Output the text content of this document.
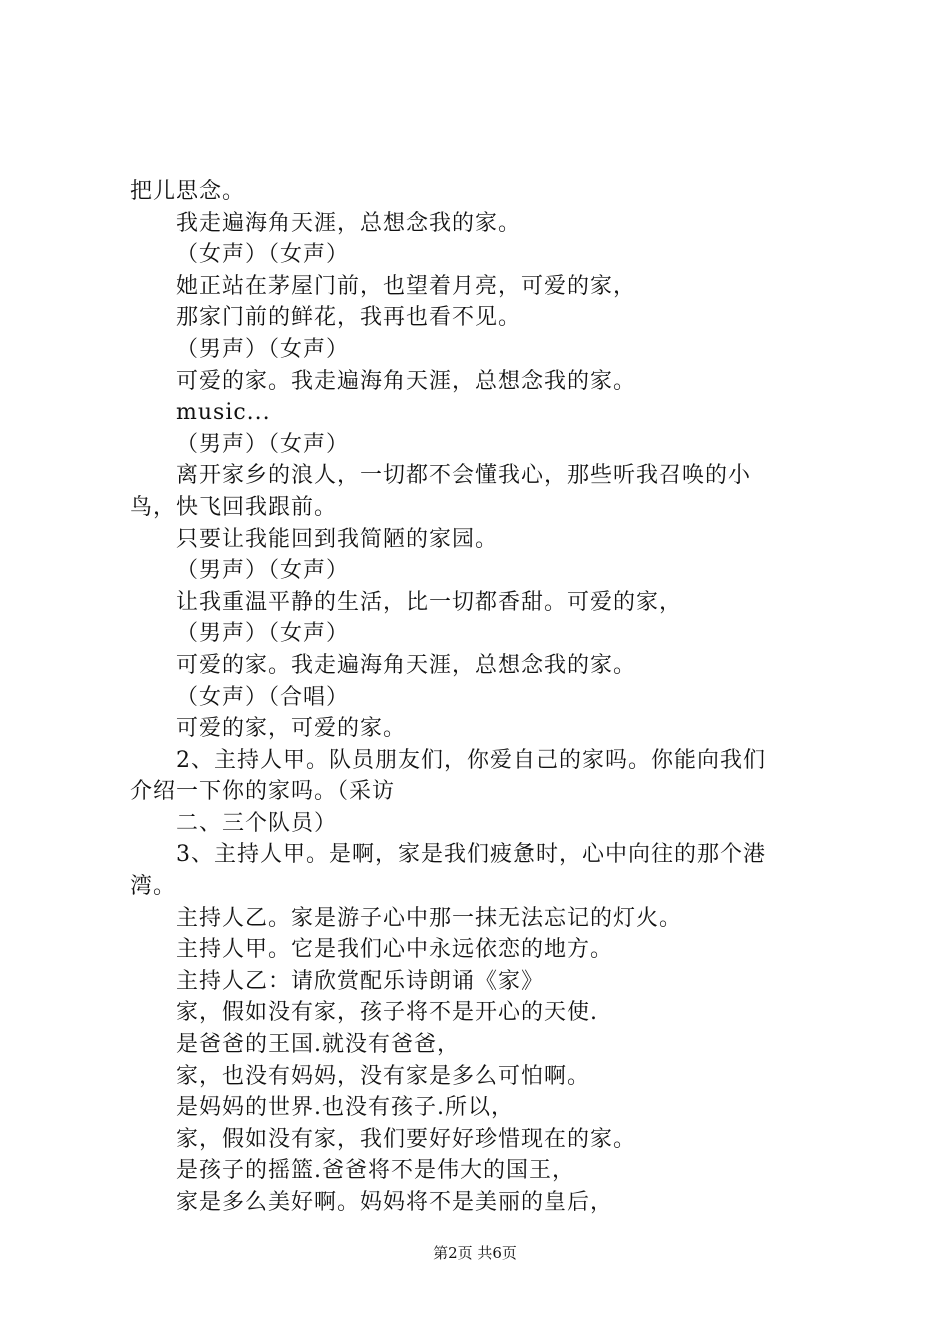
把儿思念。
我走遍海角天涯，总想念我的家。
（女声）（女声）
她正站在茅屋门前，也望着月亮，可爱的家，
那家门前的鲜花，我再也看不见。
（男声）（女声）
可爱的家。我走遍海角天涯，总想念我的家。
music...
（男声）（女声）
离开家乡的浪人，一切都不会懂我心，那些听我召唤的小
鸟，快飞回我跟前。
只要让我能回到我简陋的家园。
（男声）（女声）
让我重温平静的生活，比一切都香甜。可爱的家，
（男声）（女声）
可爱的家。我走遍海角天涯，总想念我的家。
（女声）（合唱）
可爱的家，可爱的家。
2、主持人甲。队员朋友们，你爱自己的家吗。你能向我们
介绍一下你的家吗。（采访
二、三个队员）
3、主持人甲。是啊，家是我们疲惫时，心中向往的那个港
湾。
主持人乙。家是游子心中那一抹无法忘记的灯火。
主持人甲。它是我们心中永远依恋的地方。
主持人乙：请欣赏配乐诗朗诵《家》
家，假如没有家，孩子将不是开心的天使.
是爸爸的王国.就没有爸爸，
家，也没有妈妈，没有家是多么可怕啊。
是妈妈的世界.也没有孩子.所以，
家，假如没有家，我们要好好珍惜现在的家。
是孩子的摇篮.爸爸将不是伟大的国王，
家是多么美好啊。妈妈将不是美丽的皇后，
第2页 共6页
